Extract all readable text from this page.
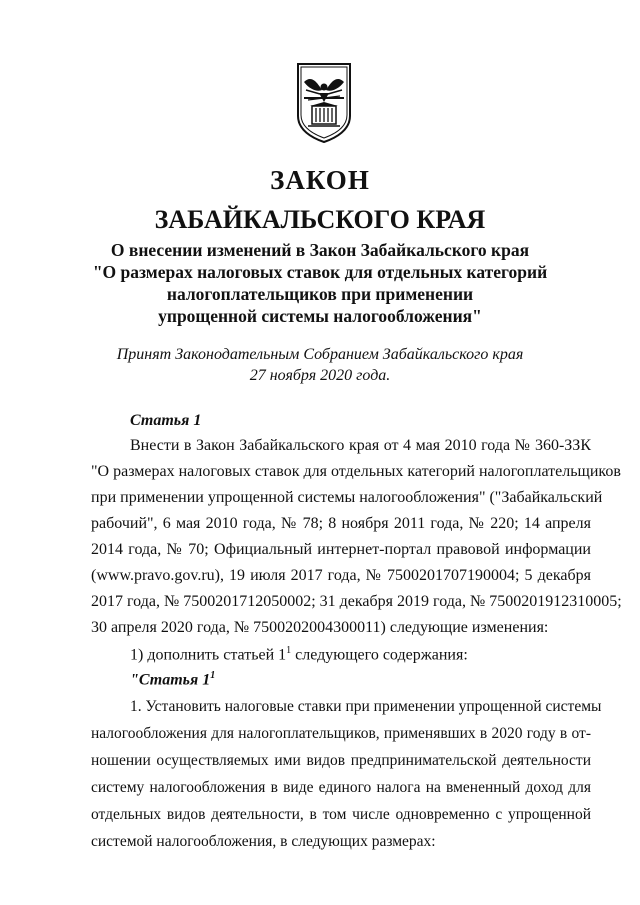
ЗАКОН
ЗАБАЙКАЛЬСКОГО КРАЯ
О внесении изменений в Закон Забайкальского края
"О размерах налоговых ставок для отдельных категорий
налогоплательщиков при применении
упрощенной системы налогообложения"
Принят Законодательным Собранием Забайкальского края
27 ноября 2020 года.
Статья 1
Внести в Закон Забайкальского края от 4 мая 2010 года № 360-ЗЗК
"О размерах налоговых ставок для отдельных категорий налогоплательщиков
при применении упрощенной системы налогообложения" ("Забайкальский
рабочий", 6 мая 2010 года, № 78; 8 ноября 2011 года, № 220; 14 апреля
2014 года, № 70; Официальный интернет-портал правовой информации
(www.pravo.gov.ru), 19 июля 2017 года, № 7500201707190004; 5 декабря
2017 года, № 7500201712050002; 31 декабря 2019 года, № 7500201912310005;
30 апреля 2020 года, № 7500202004300011) следующие изменения:
1) дополнить статьей $1^1$ следующего содержания:
"Статья $1^1$
1. Установить налоговые ставки при применении упрощенной системы
налогообложения для налогоплательщиков, применявших в 2020 году в от-
ношении осуществляемых ими видов предпринимательской деятельности
систему налогообложения в виде единого налога на вмененный доход для
отдельных видов деятельности, в том числе одновременно с упрощенной
системой налогообложения, в следующих размерах:
